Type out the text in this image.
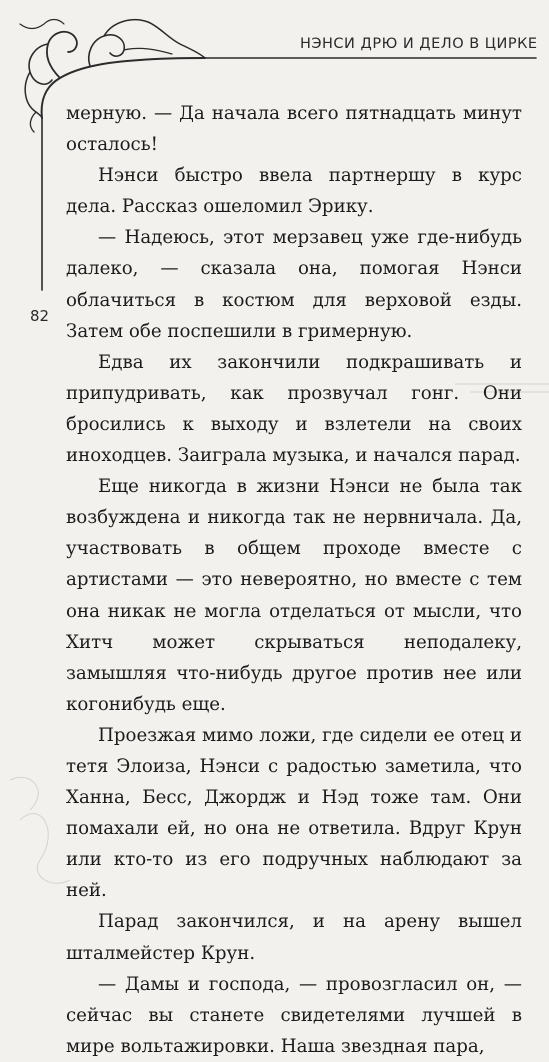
НЭНСИ ДРЮ И ДЕЛО В ЦИРКЕ
82

мерную. — Да начала всего пятнадцать минут осталось!

Нэнси быстро ввела партнершу в курс дела. Рассказ ошеломил Эрику.

— Надеюсь, этот мерзавец уже где-нибудь далеко, — сказала она, помогая Нэнси облачиться в костюм для верховой езды. Затем обе поспешили в гримерную.

Едва их закончили подкрашивать и припудривать, как прозвучал гонг. Они бросились к выходу и взлетели на своих иноходцев. Заиграла музыка, и начался парад.

Еще никогда в жизни Нэнси не была так возбуждена и никогда так не нервничала. Да, участвовать в общем проходе вместе с артистами — это невероятно, но вместе с тем она никак не могла отделаться от мысли, что Хитч может скрываться неподалеку, замышляя что-нибудь другое против нее или когонибудь еще.

Проезжая мимо ложи, где сидели ее отец и тетя Элоиза, Нэнси с радостью заметила, что Ханна, Бесс, Джордж и Нэд тоже там. Они помахали ей, но она не ответила. Вдруг Крун или кто-то из его подручных наблюдают за ней.

Парад закончился, и на арену вышел шталмейстер Крун.

— Дамы и господа, — провозгласил он, — сейчас вы станете свидетелями лучшей в мире вольтажировки. Наша звездная пара,
